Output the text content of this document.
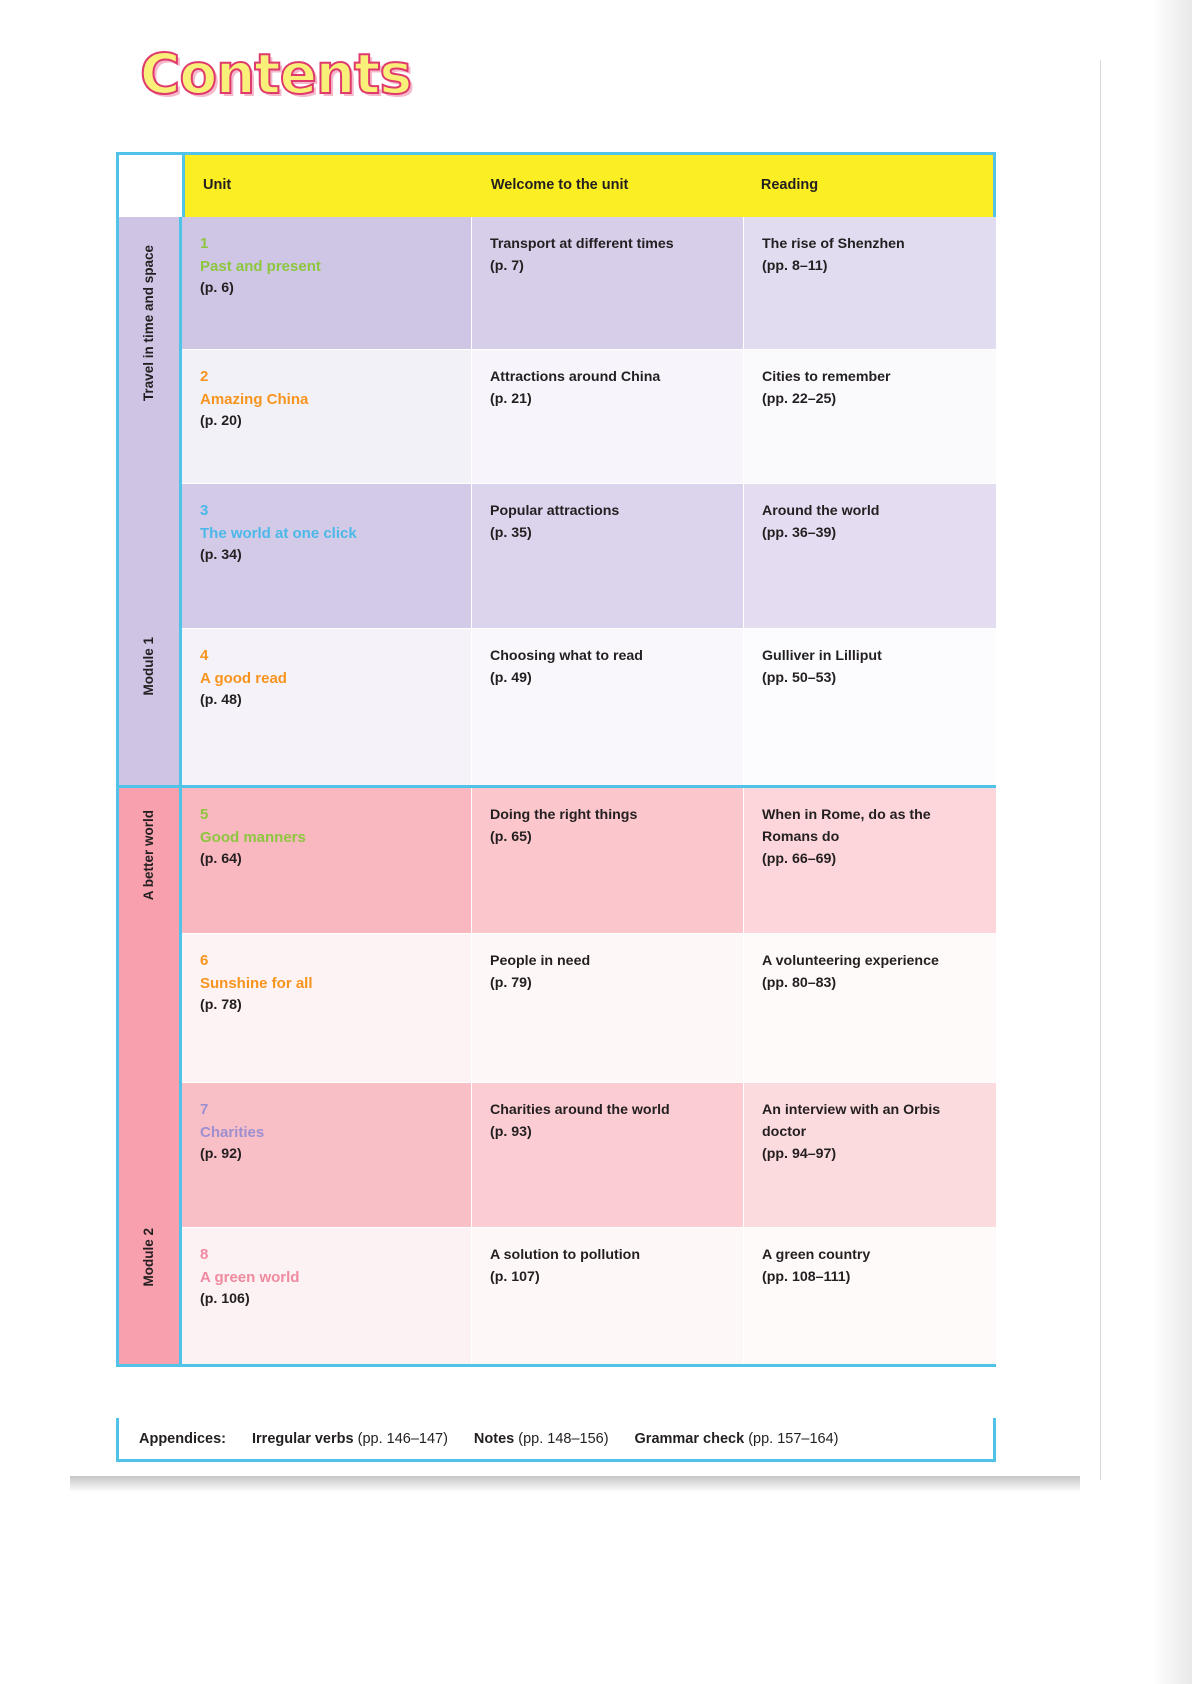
Contents
Unit	Welcome to the unit	Reading
Travel in time and space
Module 1
1
Past and present
(p. 6)
Transport at different times
(p. 7)
The rise of Shenzhen
(pp. 8–11)
2
Amazing China
(p. 20)
Attractions around China
(p. 21)
Cities to remember
(pp. 22–25)
3
The world at one click
(p. 34)
Popular attractions
(p. 35)
Around the world
(pp. 36–39)
4
A good read
(p. 48)
Choosing what to read
(p. 49)
Gulliver in Lilliput
(pp. 50–53)
A better world
Module 2
5
Good manners
(p. 64)
Doing the right things
(p. 65)
When in Rome, do as the Romans do
(pp. 66–69)
6
Sunshine for all
(p. 78)
People in need
(p. 79)
A volunteering experience
(pp. 80–83)
7
Charities
(p. 92)
Charities around the world
(p. 93)
An interview with an Orbis doctor
(pp. 94–97)
8
A green world
(p. 106)
A solution to pollution
(p. 107)
A green country
(pp. 108–111)
Appendices: Irregular verbs (pp. 146–147) Notes (pp. 148–156) Grammar check (pp. 157–164)
